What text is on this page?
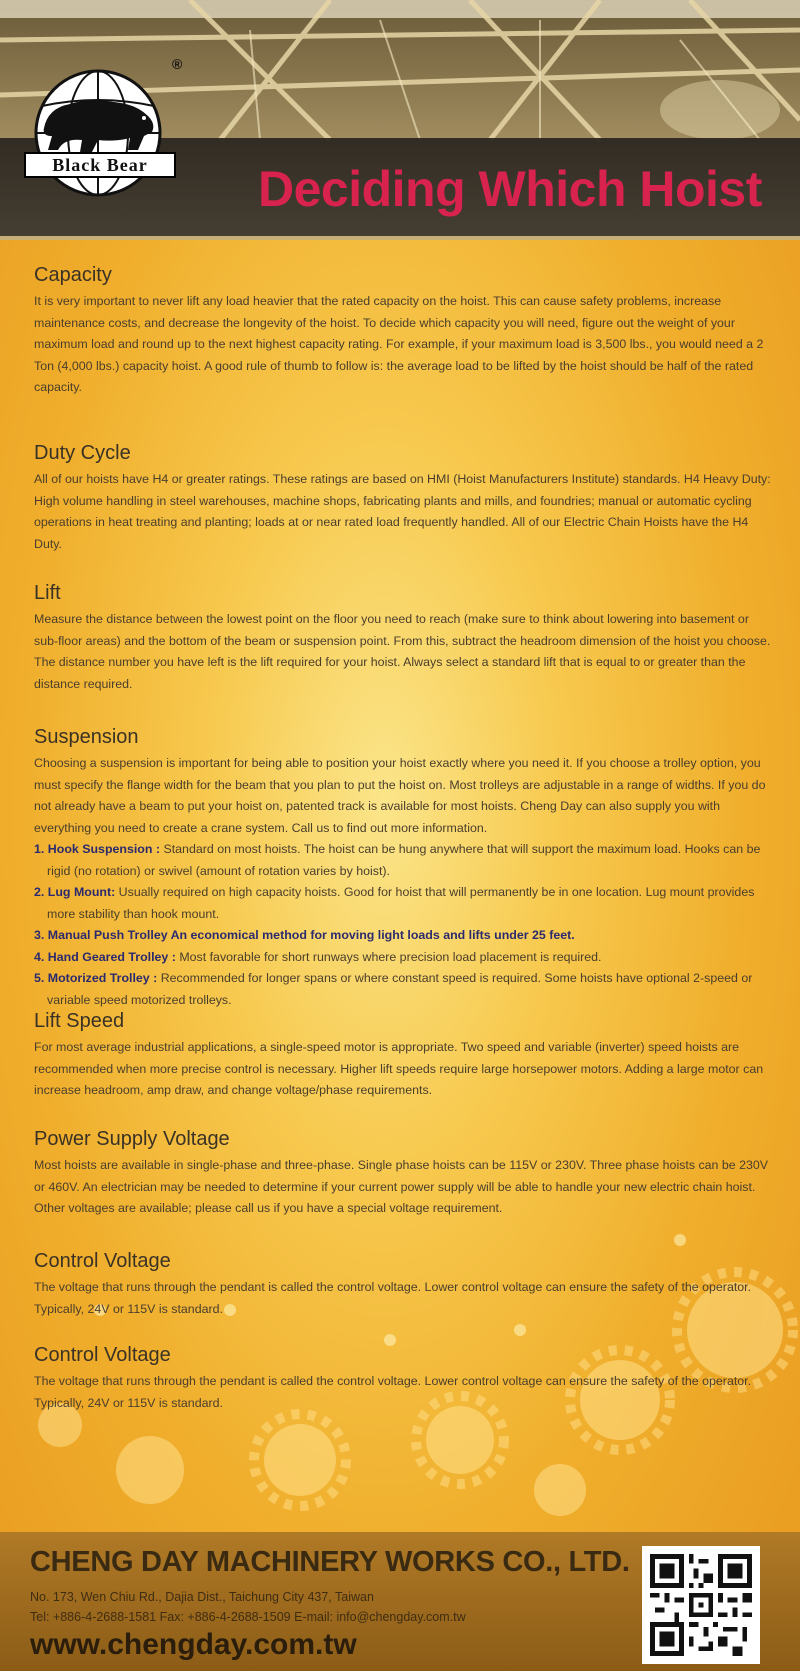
Deciding Which Hoist
Black Bear
®
Capacity

It is very important to never lift any load heavier that the rated capacity on the hoist. This can cause safety problems, increase maintenance costs, and decrease the longevity of the hoist. To decide which capacity you will need, figure out the weight of your maximum load and round up to the next highest capacity rating. For example, if your maximum load is 3,500 lbs., you would need a 2 Ton (4,000 lbs.) capacity hoist. A good rule of thumb to follow is: the average load to be lifted by the hoist should be half of the rated capacity.

Duty Cycle

All of our hoists have H4 or greater ratings. These ratings are based on HMI (Hoist Manufacturers Institute) standards. H4 Heavy Duty: High volume handling in steel warehouses, machine shops, fabricating plants and mills, and foundries; manual or automatic cycling operations in heat treating and planting; loads at or near rated load frequently handled. All of our Electric Chain Hoists have the H4 Duty.

Lift

Measure the distance between the lowest point on the floor you need to reach (make sure to think about lowering into basement or sub-floor areas) and the bottom of the beam or suspension point. From this, subtract the headroom dimension of the hoist you choose. The distance number you have left is the lift required for your hoist. Always select a standard lift that is equal to or greater than the distance required.

Suspension

Choosing a suspension is important for being able to position your hoist exactly where you need it. If you choose a trolley option, you must specify the flange width for the beam that you plan to put the hoist on. Most trolleys are adjustable in a range of widths. If you do not already have a beam to put your hoist on, patented track is available for most hoists. Cheng Day can also supply you with everything you need to create a crane system. Call us to find out more information.

1. Hook Suspension : Standard on most hoists. The hoist can be hung anywhere that will support the maximum load. Hooks can be rigid (no rotation) or swivel (amount of rotation varies by hoist).
2. Lug Mount: Usually required on high capacity hoists. Good for hoist that will permanently be in one location. Lug mount provides more stability than hook mount.
3. Manual Push Trolley An economical method for moving light loads and lifts under 25 feet.
4. Hand Geared Trolley : Most favorable for short runways where precision load placement is required.
5. Motorized Trolley : Recommended for longer spans or where constant speed is required. Some hoists have optional 2-speed or variable speed motorized trolleys.
Lift Speed

For most average industrial applications, a single-speed motor is appropriate. Two speed and variable (inverter) speed hoists are recommended when more precise control is necessary. Higher lift speeds require large horsepower motors. Adding a large motor can increase headroom, amp draw, and change voltage/phase requirements.

Power Supply Voltage

Most hoists are available in single-phase and three-phase. Single phase hoists can be 115V or 230V. Three phase hoists can be 230V or 460V. An electrician may be needed to determine if your current power supply will be able to handle your new electric chain hoist. Other voltages are available; please call us if you have a special voltage requirement.

Control Voltage

The voltage that runs through the pendant is called the control voltage. Lower control voltage can ensure the safety of the operator. Typically, 24V or 115V is standard.

Control Voltage

The voltage that runs through the pendant is called the control voltage. Lower control voltage can ensure the safety of the operator. Typically, 24V or 115V is standard.

CHENG DAY MACHINERY WORKS CO., LTD.
No. 173, Wen Chiu Rd., Dajia Dist., Taichung City 437, Taiwan
Tel: +886-4-2688-1581 Fax: +886-4-2688-1509 E-mail: info@chengday.com.tw
www.chengday.com.tw
